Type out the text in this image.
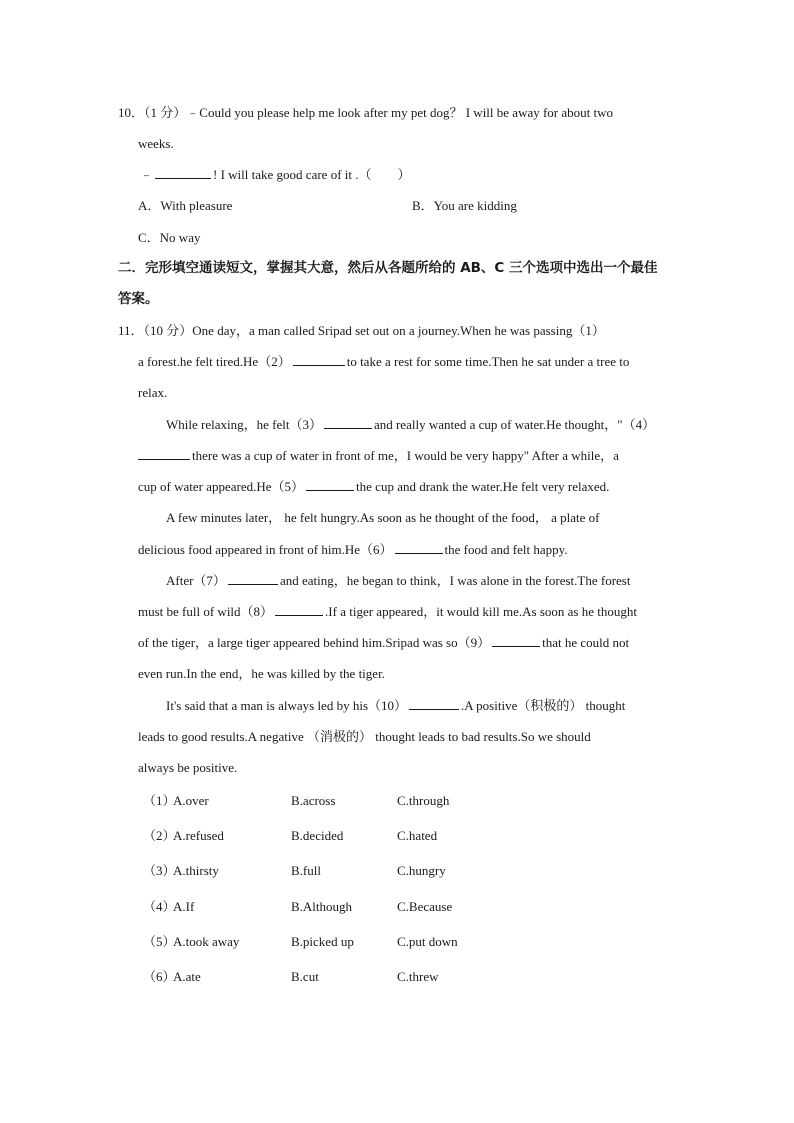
10．（1 分）﹣Could you please help me look after my pet dog？ I will be away for about two
weeks.
﹣	! I will take good care of it .（　　）
A．With pleasure	B．You are kidding
C．No way
二．完形填空通读短文，掌握其大意，然后从各题所给的 AB、C 三个选项中选出一个最佳
答案。
11．（10 分）One day，a man called Sripad set out on a journey.When he was passing（1）
a forest.he felt tired.He（2）	to take a rest for some time.Then he sat under a tree to
relax.
While relaxing，he felt（3）	and really wanted a cup of water.He thought，"（4）
there was a cup of water in front of me，I would be very happy" After a while，a
cup of water appeared.He（5）	the cup and drank the water.He felt very relaxed.
A few minutes later， he felt hungry.As soon as he thought of the food， a plate of
delicious food appeared in front of him.He（6）	the food and felt happy.
After（7）	and eating，he began to think，I was alone in the forest.The forest
must be full of wild（8）	.If a tiger appeared，it would kill me.As soon as he thought
of the tiger，a large tiger appeared behind him.Sripad was so（9）	that he could not
even run.In the end，he was killed by the tiger.
It's said that a man is always led by his（10）	.A positive（积极的） thought
leads to good results.A negative （消极的） thought leads to bad results.So we should
always be positive.
（1）
A.over	B.across	C.through
（2）
A.refused	B.decided	C.hated
（3）
A.thirsty	B.full	C.hungry
（4）
A.If	B.Although	C.Because
（5）
A.took away	B.picked up	C.put down
（6）
A.ate	B.cut	C.threw
